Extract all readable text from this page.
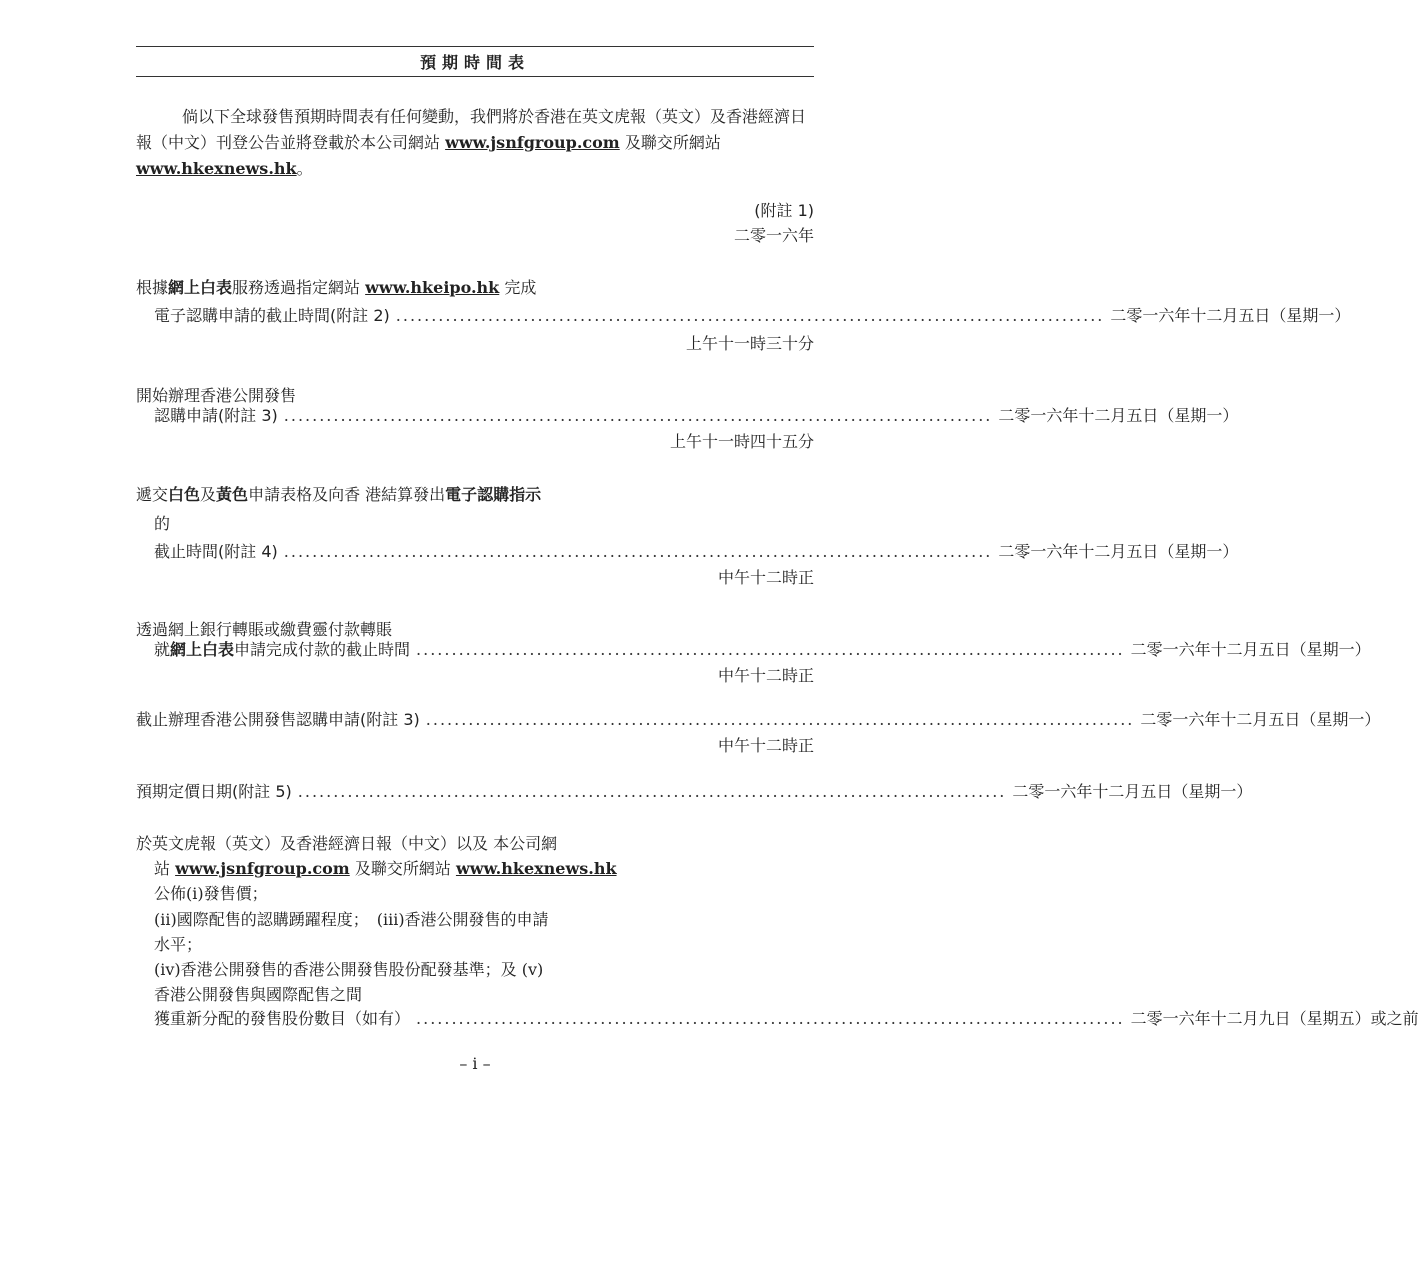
預期時間表

倘以下全球發售預期時間表有任何變動，我們將於香港在英文虎報（英文）及香港經濟日報（中文）刊登公告並將登載於本公司網站 www.jsnfgroup.com 及聯交所網站 www.hkexnews.hk。

(附註 1)
二零一六年
根據網上白表服務透過指定網站 www.hkeipo.hk 完成
電子認購申請的截止時間(附註 2) .................................................................................................... 二零一六年十二月五日（星期一）
上午十一時三十分
開始辦理香港公開發售
認購申請(附註 3) .................................................................................................... 二零一六年十二月五日（星期一）
上午十一時四十五分
遞交白色及黃色申請表格及向香 港結算發出電子認購指示
的
截止時間(附註 4) .................................................................................................... 二零一六年十二月五日（星期一）
中午十二時正
透過網上銀行轉賬或繳費靈付款轉賬
就網上白表申請完成付款的截止時間 .................................................................................................... 二零一六年十二月五日（星期一）
中午十二時正
截止辦理香港公開發售認購申請(附註 3) .................................................................................................... 二零一六年十二月五日（星期一）
中午十二時正
預期定價日期(附註 5) .................................................................................................... 二零一六年十二月五日（星期一）
於英文虎報（英文）及香港經濟日報（中文）以及 本公司網
站 www.jsnfgroup.com 及聯交所網站 www.hkexnews.hk
公佈(i)發售價；
(ii)國際配售的認購踴躍程度；　(iii)香港公開發售的申請
水平；
(iv)香港公開發售的香港公開發售股份配發基準；及 (v)
香港公開發售與國際配售之間
獲重新分配的發售股份數目（如有） .................................................................................................... 二零一六年十二月九日（星期五）或之前
– i –
